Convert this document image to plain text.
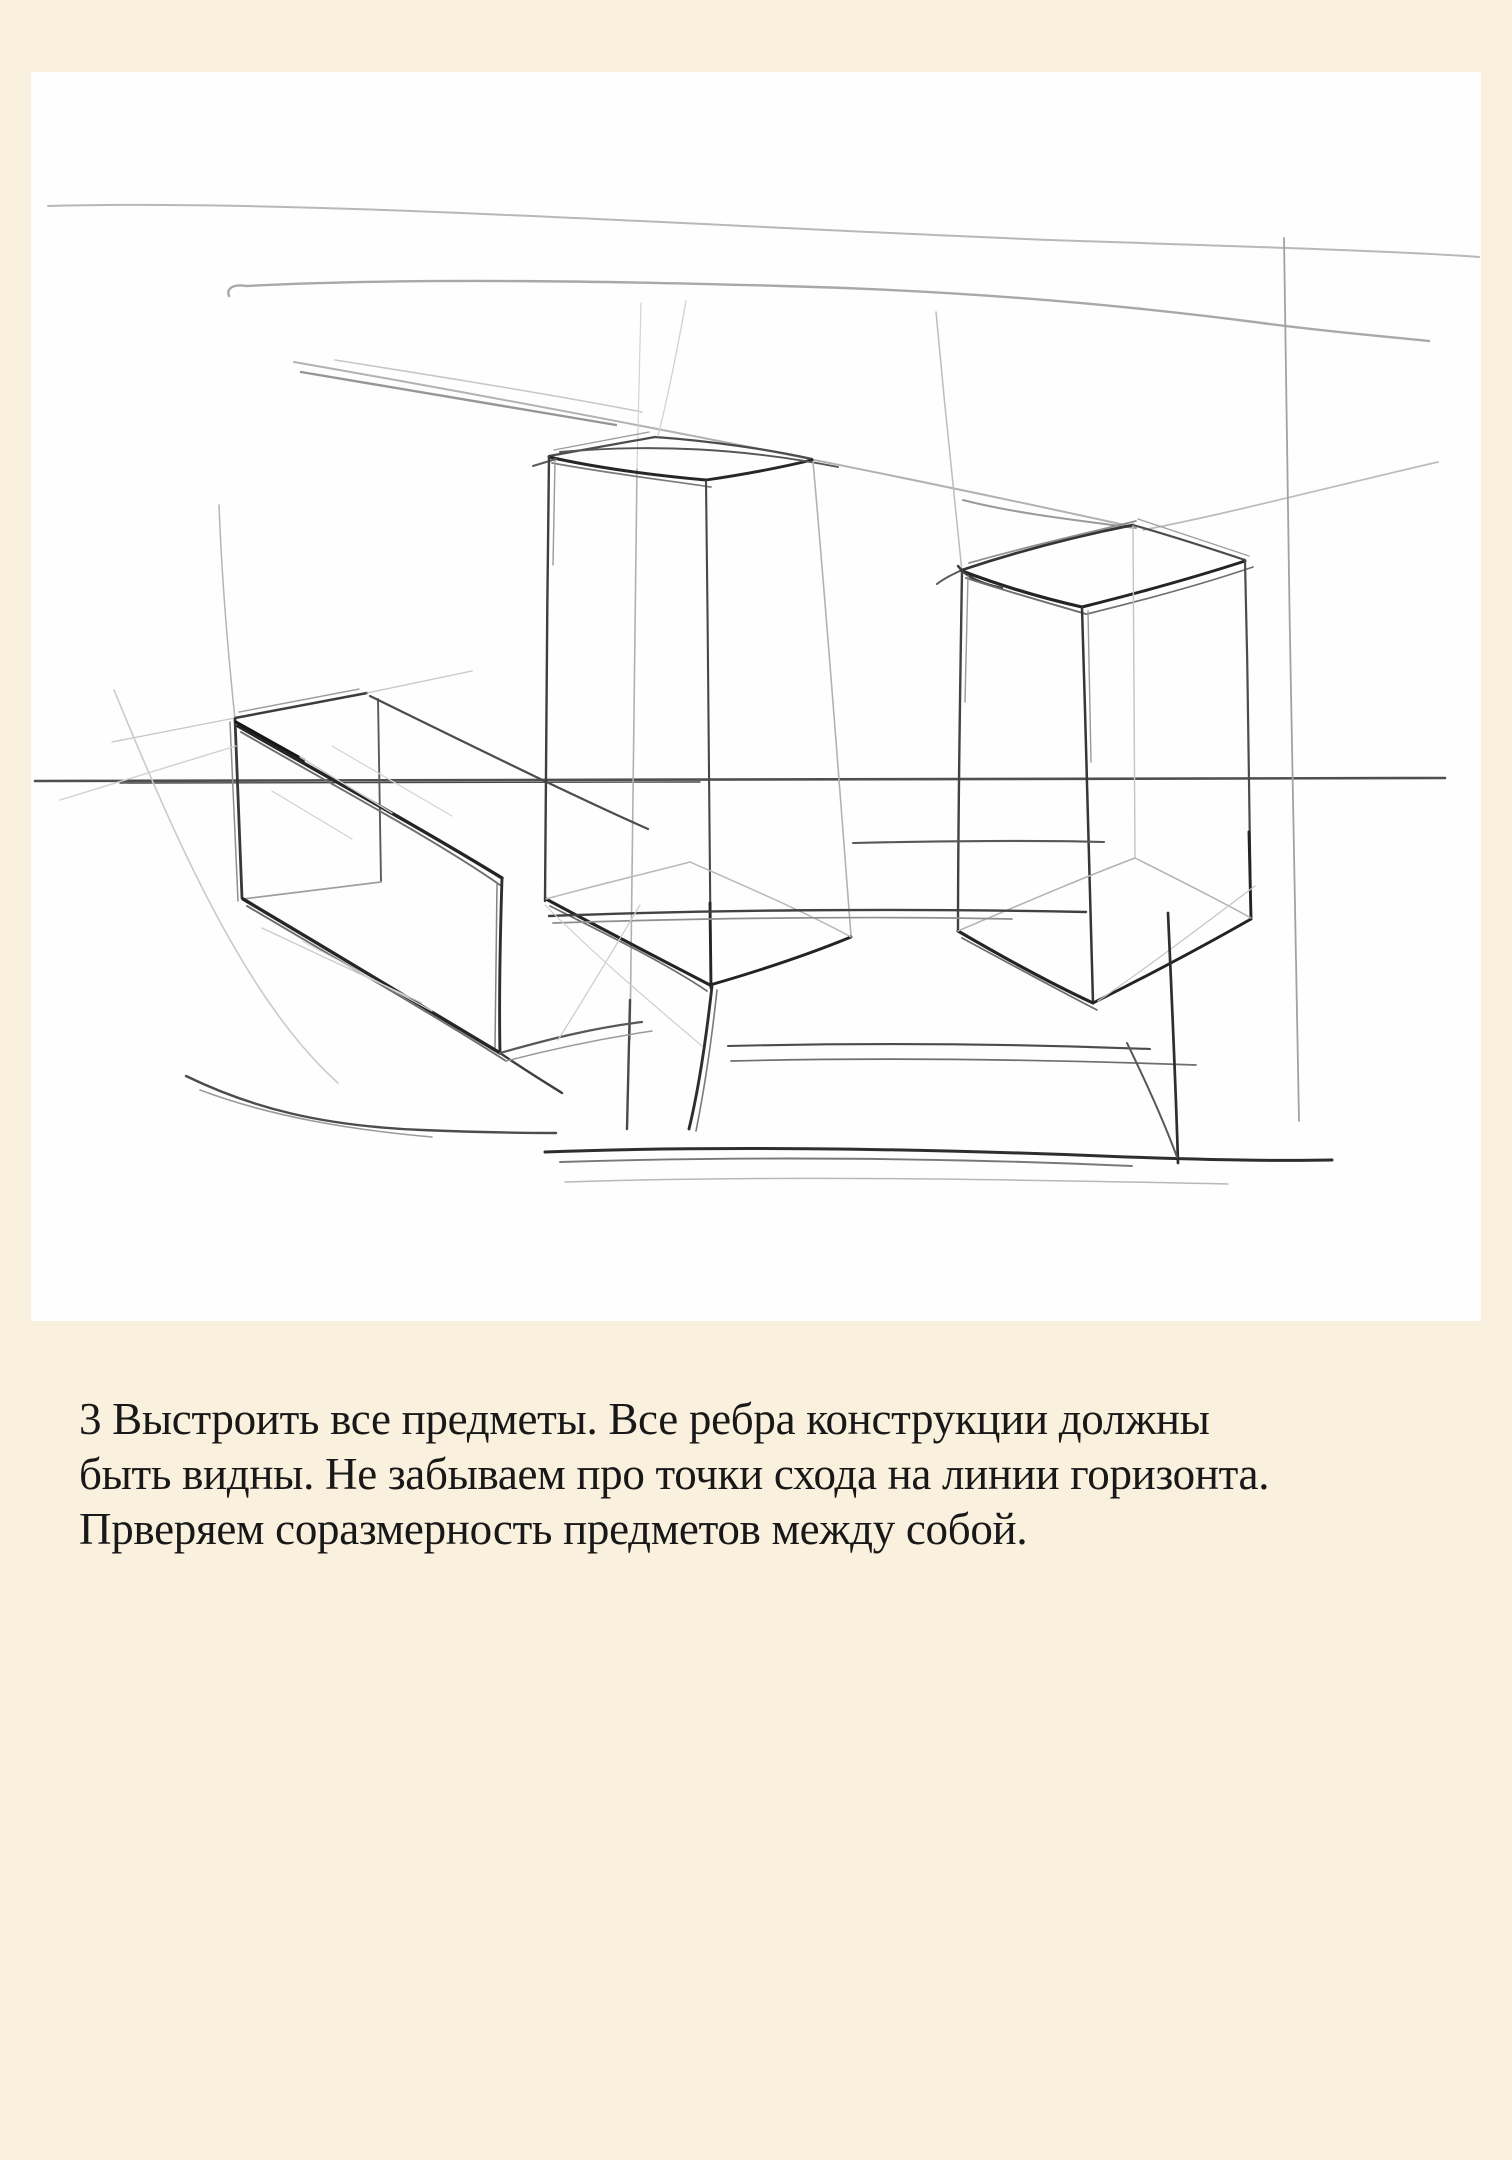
3 Выстроить все предметы. Все ребра конструкции должны
быть видны. Не забываем про точки схода на линии горизонта.
Прверяем соразмерность предметов между собой.
